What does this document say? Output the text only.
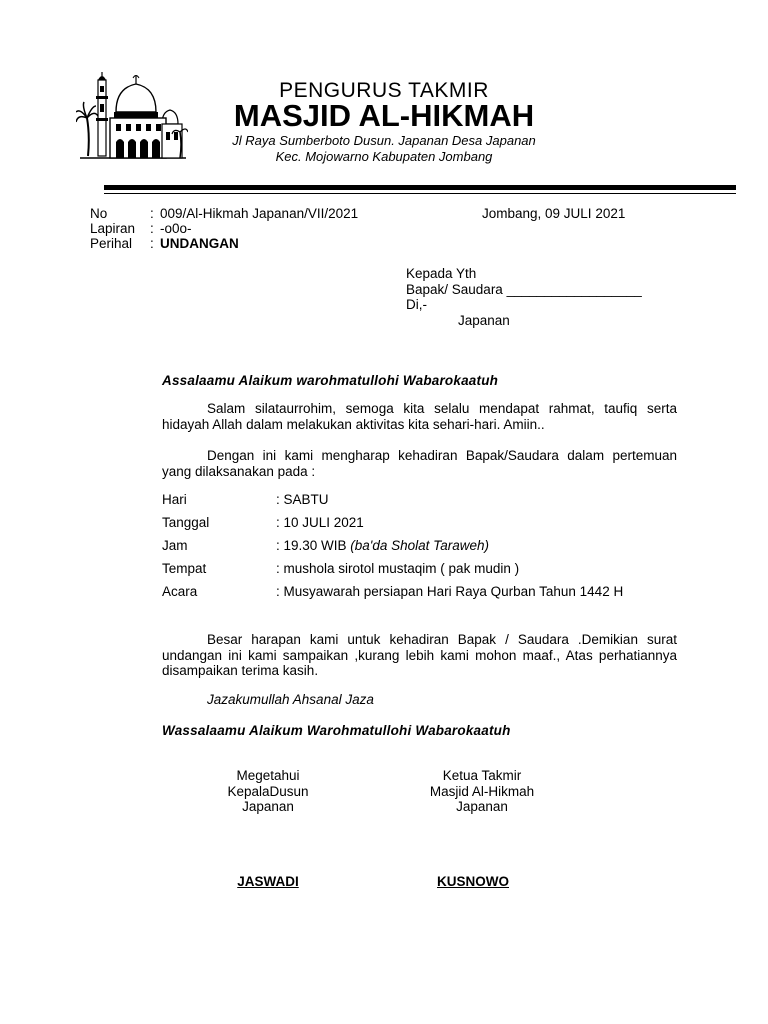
PENGURUS TAKMIR
MASJID AL-HIKMAH
Jl Raya Sumberboto Dusun. Japanan Desa Japanan
Kec. Mojowarno Kabupaten Jombang
No	: 009/Al-Hikmah Japanan/VII/2021
Lapiran	: -o0o-
Perihal	: UNDANGAN
Jombang, 09 JULI 2021
Kepada Yth
Bapak/ Saudara __________________
Di,-
Japanan
Assalaamu Alaikum warohmatullohi Wabarokaatuh
Salam silataurrohim, semoga kita selalu mendapat rahmat, taufiq serta hidayah Allah dalam melakukan aktivitas kita sehari-hari. Amiin..
Dengan ini kami mengharap kehadiran Bapak/Saudara dalam pertemuan yang dilaksanakan pada :
Hari	: SABTU
Tanggal	: 10 JULI 2021
Jam	: 19.30 WIB (ba'da Sholat Taraweh)
Tempat	: mushola sirotol mustaqim ( pak mudin )
Acara	: Musyawarah persiapan Hari Raya Qurban Tahun 1442 H
Besar harapan kami untuk kehadiran Bapak / Saudara .Demikian surat undangan ini kami sampaikan ,kurang lebih kami mohon maaf., Atas perhatiannya disampaikan terima kasih.
Jazakumullah Ahsanal Jaza
Wassalaamu Alaikum Warohmatullohi Wabarokaatuh
Megetahui
KepalaDusun
Japanan
Ketua Takmir
Masjid Al-Hikmah
Japanan
JASWADI	KUSNOWO
